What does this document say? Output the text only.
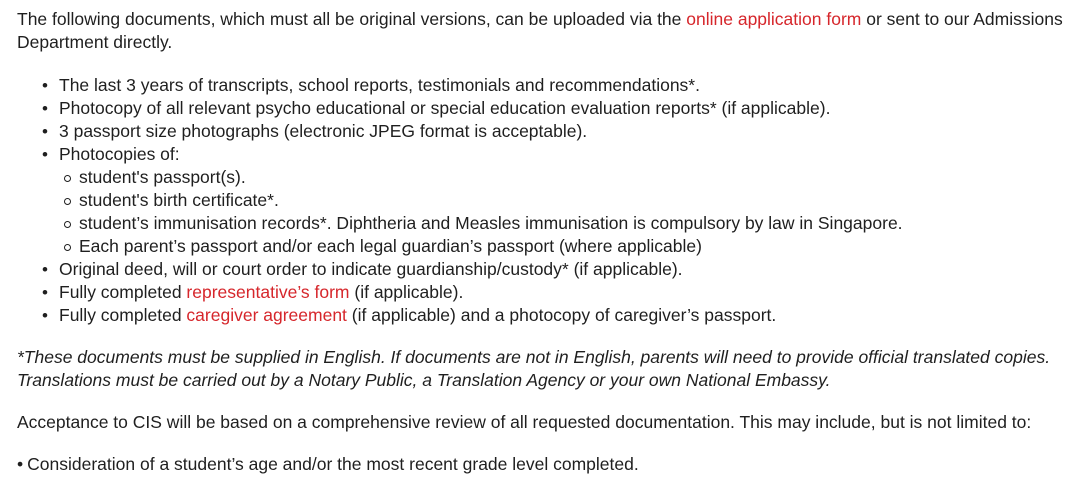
The following documents, which must all be original versions, can be uploaded via the online application form or sent to our Admissions Department directly.

• The last 3 years of transcripts, school reports, testimonials and recommendations*.
• Photocopy of all relevant psycho educational or special education evaluation reports* (if applicable).
• 3 passport size photographs (electronic JPEG format is acceptable).
• Photocopies of:
student's passport(s).
student's birth certificate*.
student’s immunisation records*. Diphtheria and Measles immunisation is compulsory by law in Singapore.
Each parent’s passport and/or each legal guardian’s passport (where applicable)
• Original deed, will or court order to indicate guardianship/custody* (if applicable).
• Fully completed representative’s form (if applicable).
• Fully completed caregiver agreement (if applicable) and a photocopy of caregiver’s passport.

*These documents must be supplied in English. If documents are not in English, parents will need to provide official translated copies. Translations must be carried out by a Notary Public, a Translation Agency or your own National Embassy.

Acceptance to CIS will be based on a comprehensive review of all requested documentation. This may include, but is not limited to:

• Consideration of a student’s age and/or the most recent grade level completed.
